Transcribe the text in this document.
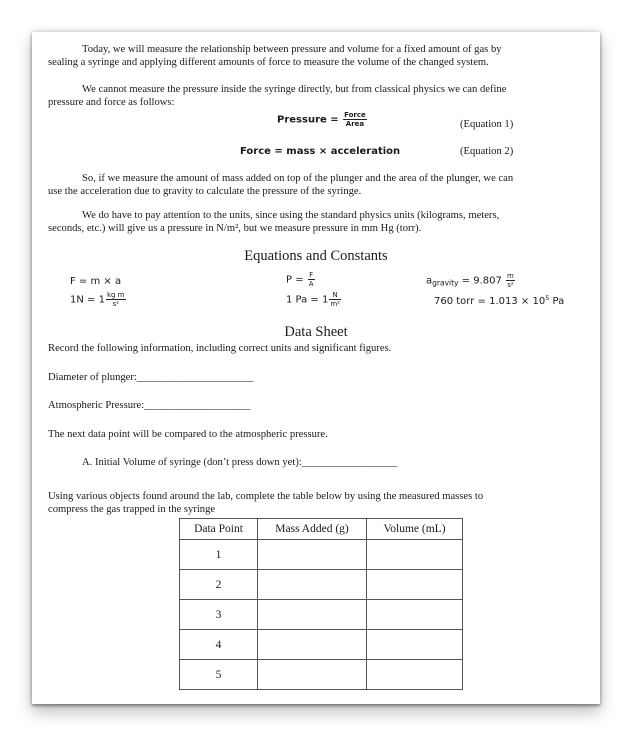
Today, we will measure the relationship between pressure and volume for a fixed amount of gas by
sealing a syringe and applying different amounts of force to measure the volume of the changed system.
We cannot measure the pressure inside the syringe directly, but from classical physics we can define
pressure and force as follows:
Pressure = $\frac{\text{Force}}{\text{Area}}$	(Equation 1)
Force = mass × acceleration	(Equation 2)
So, if we measure the amount of mass added on top of the plunger and the area of the plunger, we can
use the acceleration due to gravity to calculate the pressure of the syringe.
We do have to pay attention to the units, since using the standard physics units (kilograms, meters,
seconds, etc.) will give us a pressure in N/m², but we measure pressure in mm Hg (torr).
Equations and Constants
F = m × a	$P = \frac{F}{A}$	$a_{gravity} = 9.807 \frac{m}{\text{s²}}$
$1N = 1 \frac{\text{kg m}}{\text{s²}}$	1 $Pa = 1 \frac{N}{\text{m²}}$	760 torr = $1.013 \times 10^5$ Pa
Data Sheet
Record the following information, including correct units and significant figures.
Diameter of plunger:______________________
Atmospheric Pressure:____________________
The next data point will be compared to the atmospheric pressure.
A. Initial Volume of syringe (don’t press down yet):__________________
Using various objects found around the lab, complete the table below by using the measured masses to
compress the gas trapped in the syringe
Data Point	Mass Added (g)	Volume (mL)
1		
2		
3		
4		
5		
